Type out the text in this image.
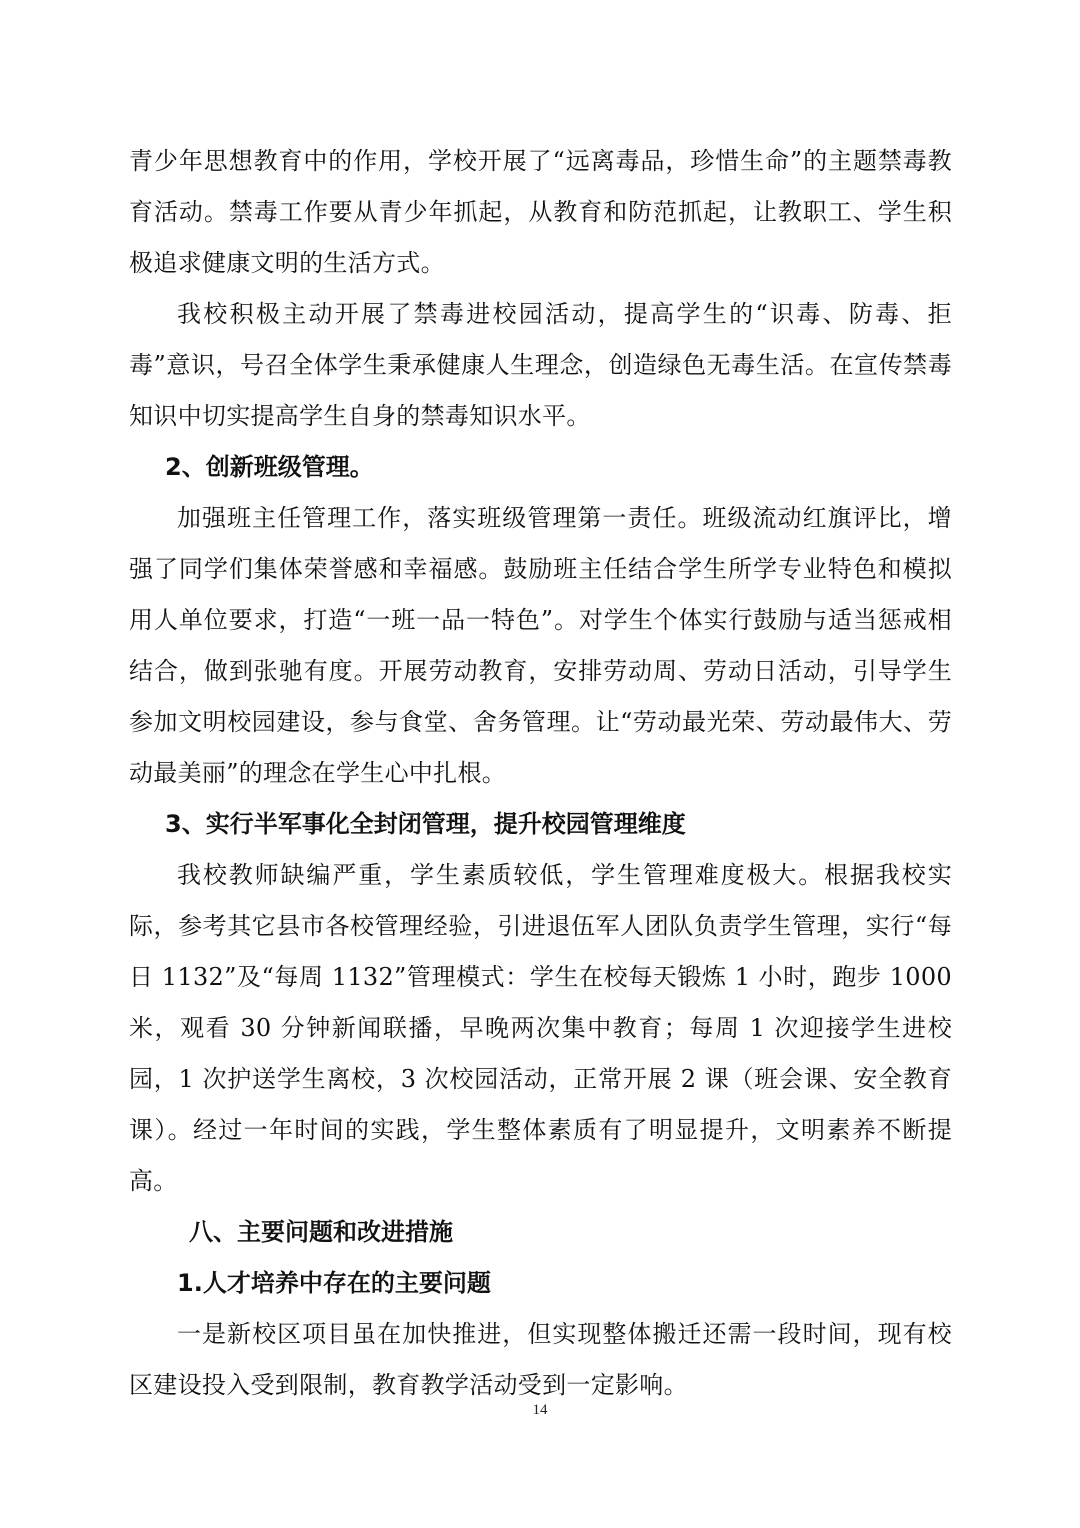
青少年思想教育中的作用，学校开展了“远离毒品，珍惜生命”的主题禁毒教育活动。禁毒工作要从青少年抓起，从教育和防范抓起，让教职工、学生积极追求健康文明的生活方式。

我校积极主动开展了禁毒进校园活动，提高学生的“识毒、防毒、拒毒”意识，号召全体学生秉承健康人生理念，创造绿色无毒生活。在宣传禁毒知识中切实提高学生自身的禁毒知识水平。

2、创新班级管理。

加强班主任管理工作，落实班级管理第一责任。班级流动红旗评比，增强了同学们集体荣誉感和幸福感。鼓励班主任结合学生所学专业特色和模拟用人单位要求，打造“一班一品一特色”。对学生个体实行鼓励与适当惩戒相结合，做到张驰有度。开展劳动教育，安排劳动周、劳动日活动，引导学生参加文明校园建设，参与食堂、舍务管理。让“劳动最光荣、劳动最伟大、劳动最美丽”的理念在学生心中扎根。

3、实行半军事化全封闭管理，提升校园管理维度

我校教师缺编严重，学生素质较低，学生管理难度极大。根据我校实际，参考其它县市各校管理经验，引进退伍军人团队负责学生管理，实行“每日 1132”及“每周 1132”管理模式：学生在校每天锻炼 1 小时，跑步 1000 米，观看 30 分钟新闻联播，早晚两次集中教育；每周 1 次迎接学生进校园，1 次护送学生离校，3 次校园活动，正常开展 2 课（班会课、安全教育课）。经过一年时间的实践，学生整体素质有了明显提升，文明素养不断提高。

八、主要问题和改进措施

1.人才培养中存在的主要问题

一是新校区项目虽在加快推进，但实现整体搬迁还需一段时间，现有校区建设投入受到限制，教育教学活动受到一定影响。

14
